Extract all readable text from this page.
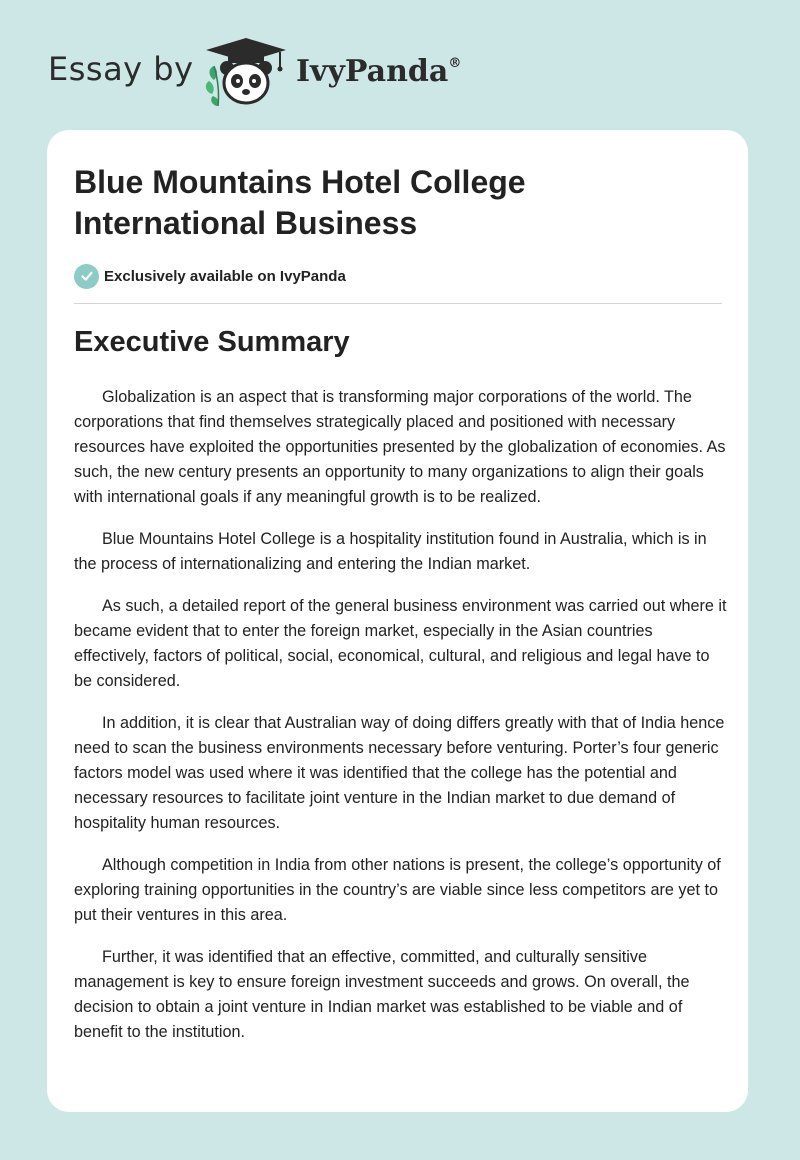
Essay by	IvyPanda®
Blue Mountains Hotel College International Business
Exclusively available on IvyPanda
Executive Summary

Globalization is an aspect that is transforming major corporations of the world. The corporations that find themselves strategically placed and positioned with necessary resources have exploited the opportunities presented by the globalization of economies. As such, the new century presents an opportunity to many organizations to align their goals with international goals if any meaningful growth is to be realized.

Blue Mountains Hotel College is a hospitality institution found in Australia, which is in the process of internationalizing and entering the Indian market.

As such, a detailed report of the general business environment was carried out where it became evident that to enter the foreign market, especially in the Asian countries effectively, factors of political, social, economical, cultural, and religious and legal have to be considered.

In addition, it is clear that Australian way of doing differs greatly with that of India hence need to scan the business environments necessary before venturing. Porter’s four generic factors model was used where it was identified that the college has the potential and necessary resources to facilitate joint venture in the Indian market to due demand of hospitality human resources.

Although competition in India from other nations is present, the college’s opportunity of exploring training opportunities in the country’s are viable since less competitors are yet to put their ventures in this area.

Further, it was identified that an effective, committed, and culturally sensitive management is key to ensure foreign investment succeeds and grows. On overall, the decision to obtain a joint venture in Indian market was established to be viable and of benefit to the institution.
